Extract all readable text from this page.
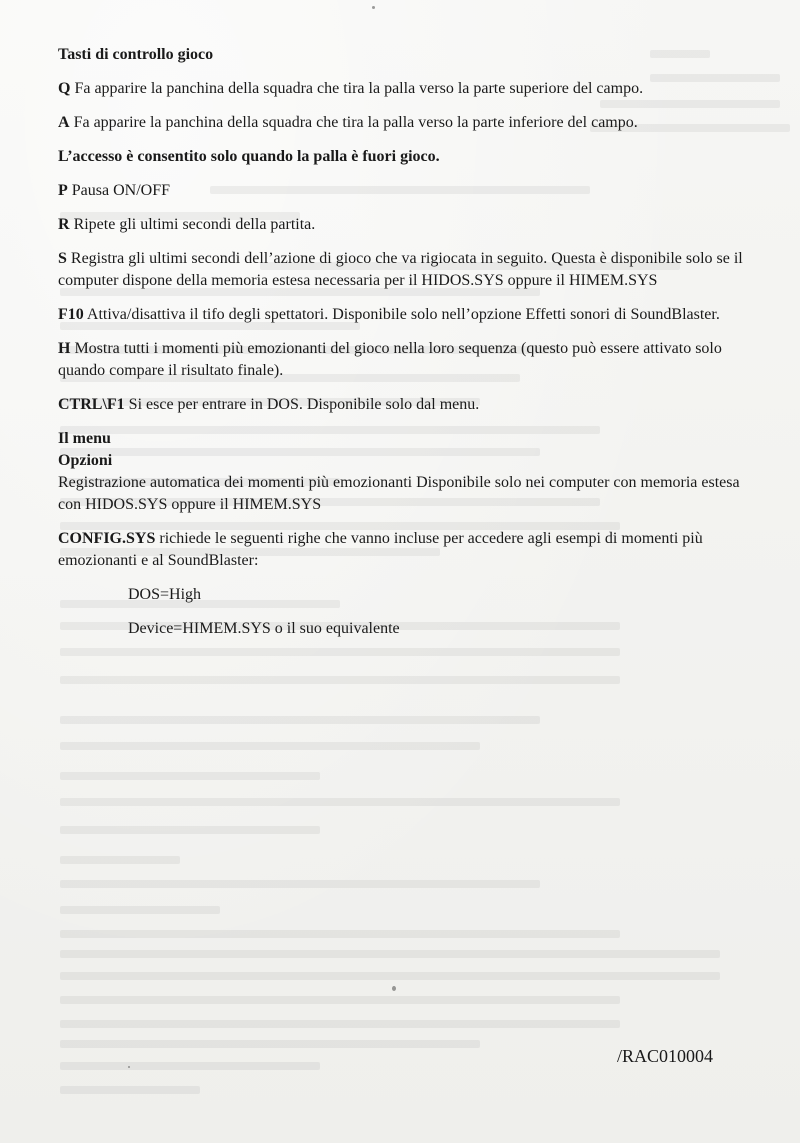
Tasti di controllo gioco

Q Fa apparire la panchina della squadra che tira la palla verso la parte superiore del campo.

A Fa apparire la panchina della squadra che tira la palla verso la parte inferiore del campo.

L’accesso è consentito solo quando la palla è fuori gioco.

P Pausa ON/OFF

R Ripete gli ultimi secondi della partita.

S Registra gli ultimi secondi dell’azione di gioco che va rigiocata in seguito. Questa è disponibile solo se il computer dispone della memoria estesa necessaria per il HIDOS.SYS oppure il HIMEM.SYS

F10 Attiva/disattiva il tifo degli spettatori. Disponibile solo nell’opzione Effetti sonori di SoundBlaster.

H Mostra tutti i momenti più emozionanti del gioco nella loro sequenza (questo può essere attivato solo quando compare il risultato finale).

CTRL\F1 Si esce per entrare in DOS. Disponibile solo dal menu.

Il menu

Opzioni

Registrazione automatica dei momenti più emozionanti Disponibile solo nei computer con memoria estesa con HIDOS.SYS oppure il HIMEM.SYS

CONFIG.SYS richiede le seguenti righe che vanno incluse per accedere agli esempi di momenti più emozionanti e al SoundBlaster:

DOS=High

Device=HIMEM.SYS o il suo equivalente

/RAC010004
